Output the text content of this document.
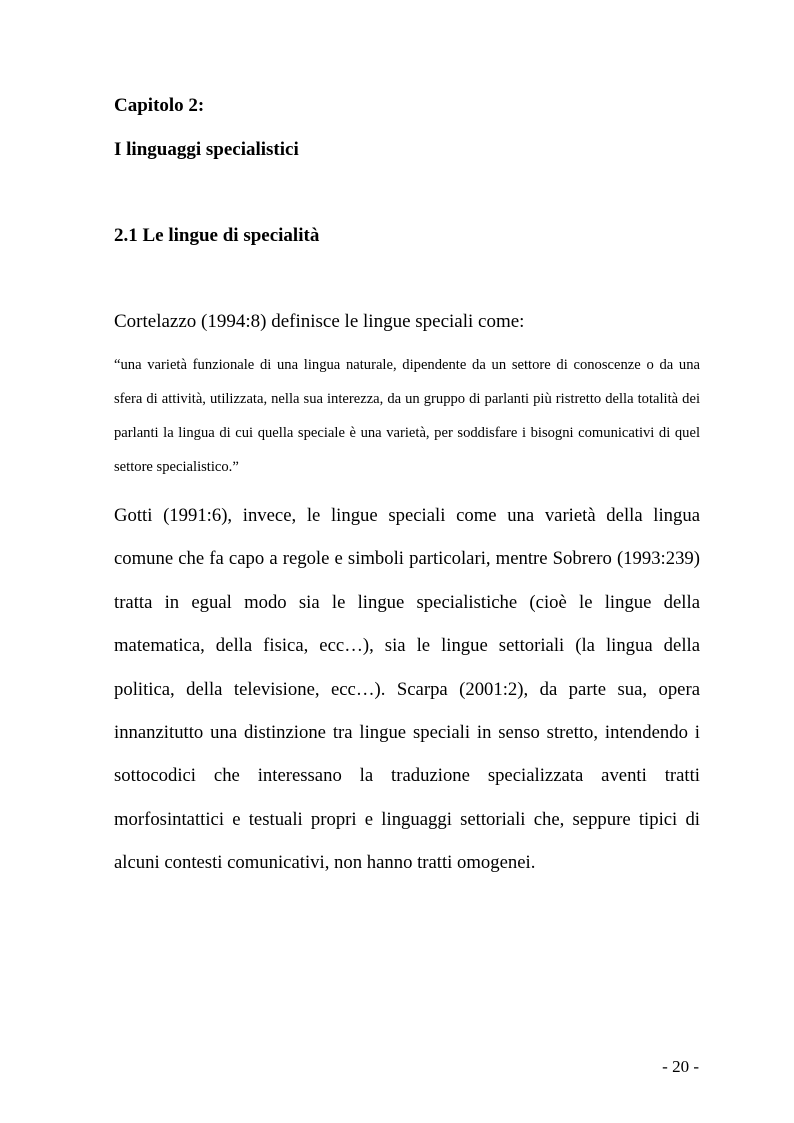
Capitolo 2:
I linguaggi specialistici
2.1 Le lingue di specialità

Cortelazzo (1994:8) definisce le lingue speciali come:

“una varietà funzionale di una lingua naturale, dipendente da un settore di conoscenze o da una sfera di attività, utilizzata, nella sua interezza, da un gruppo di parlanti più ristretto della totalità dei parlanti la lingua di cui quella speciale è una varietà, per soddisfare i bisogni comunicativi di quel settore specialistico.”

Gotti (1991:6), invece, le lingue speciali come una varietà della lingua comune che fa capo a regole e simboli particolari, mentre Sobrero (1993:239) tratta in egual modo sia le lingue specialistiche (cioè le lingue della matematica, della fisica, ecc…), sia le lingue settoriali (la lingua della politica, della televisione, ecc…). Scarpa (2001:2), da parte sua, opera innanzitutto una distinzione tra lingue speciali in senso stretto, intendendo i sottocodici che interessano la traduzione specializzata aventi tratti morfosintattici e testuali propri e linguaggi settoriali che, seppure tipici di alcuni contesti comunicativi, non hanno tratti omogenei.

- 20 -
